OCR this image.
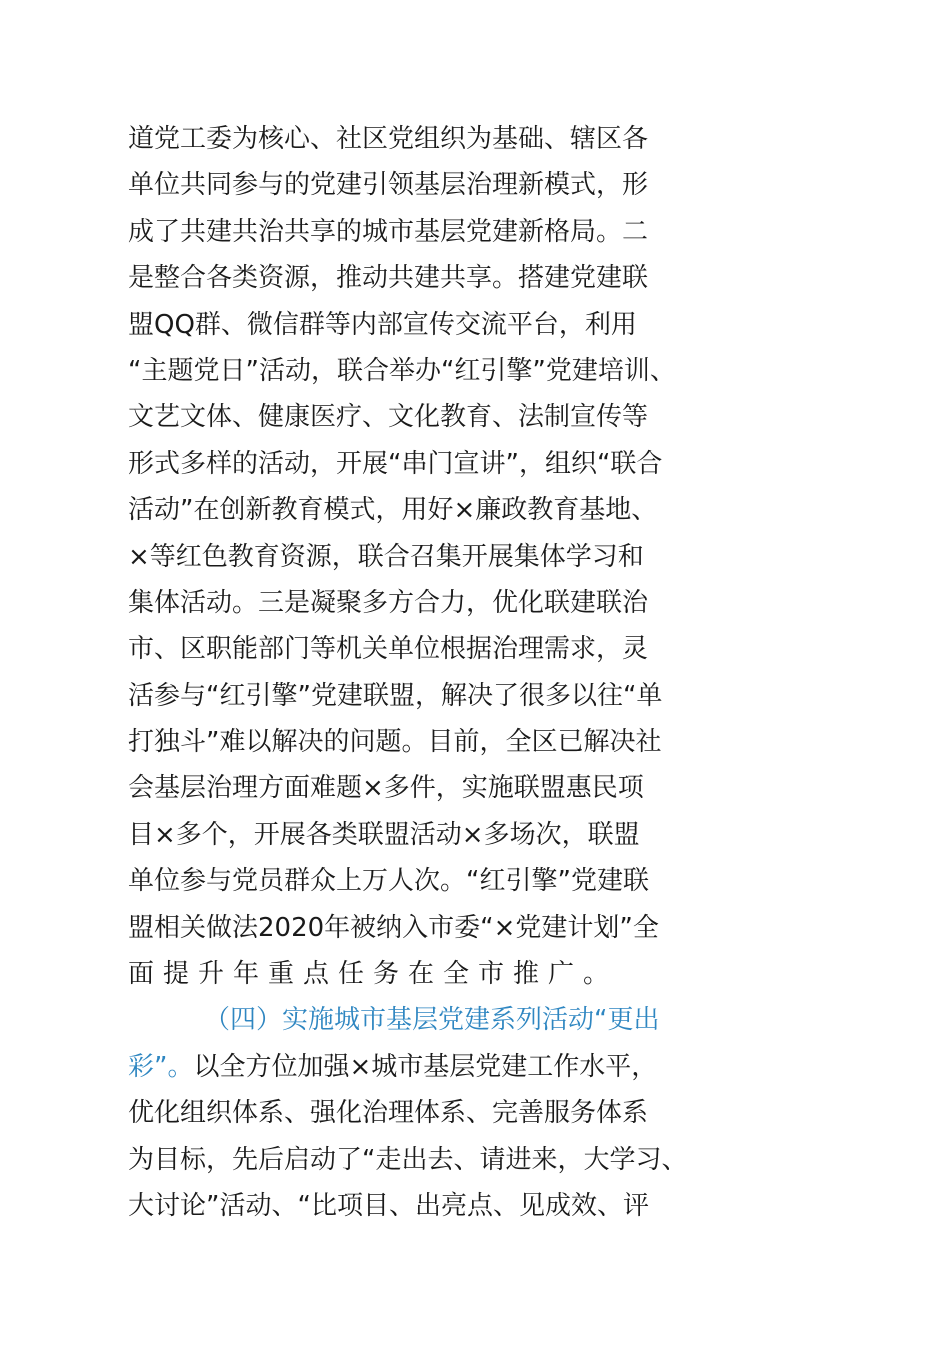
道党工委为核心、社区党组织为基础、辖区各
单位共同参与的党建引领基层治理新模式，形
成了共建共治共享的城市基层党建新格局。二
是整合各类资源，推动共建共享。搭建党建联
盟QQ群、微信群等内部宣传交流平台，利用
“主题党日”活动，联合举办“红引擎”党建培训、
文艺文体、健康医疗、文化教育、法制宣传等
形式多样的活动，开展“串门宣讲”，组织“联合
活动”在创新教育模式，用好×廉政教育基地、
×等红色教育资源，联合召集开展集体学习和
集体活动。三是凝聚多方合力，优化联建联治
市、区职能部门等机关单位根据治理需求，灵
活参与“红引擎”党建联盟，解决了很多以往“单
打独斗”难以解决的问题。目前，全区已解决社
会基层治理方面难题×多件，实施联盟惠民项
目×多个，开展各类联盟活动×多场次，联盟
单位参与党员群众上万人次。“红引擎”党建联
盟相关做法2020年被纳入市委“×党建计划”全
面提升年重点任务在全市推广。
（四）实施城市基层党建系列活动“更出
彩”。以全方位加强×城市基层党建工作水平，
优化组织体系、强化治理体系、完善服务体系
为目标，先后启动了“走出去、请进来，大学习、
大讨论”活动、“比项目、出亮点、见成效、评
